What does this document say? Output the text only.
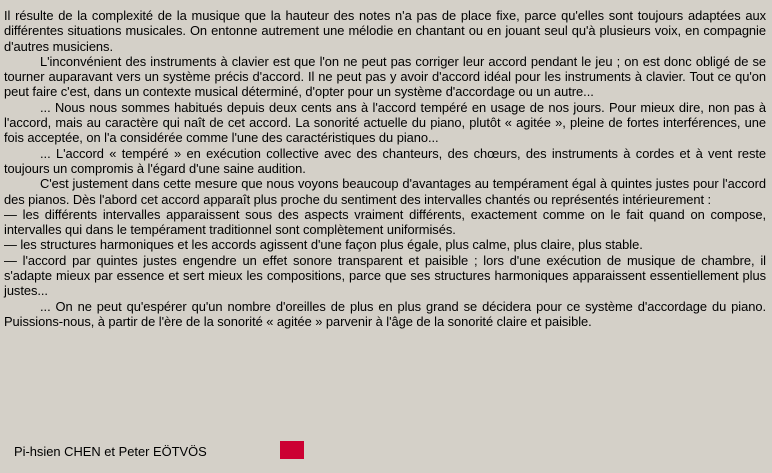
Il résulte de la complexité de la musique que la hauteur des notes n'a pas de place fixe, parce qu'elles sont toujours adaptées aux différentes situations musicales. On entonne autrement une mélodie en chantant ou en jouant seul qu'à plusieurs voix, en compagnie d'autres musiciens.

L'inconvénient des instruments à clavier est que l'on ne peut pas corriger leur accord pendant le jeu ; on est donc obligé de se tourner auparavant vers un système précis d'accord. Il ne peut pas y avoir d'accord idéal pour les instruments à clavier. Tout ce qu'on peut faire c'est, dans un contexte musical déterminé, d'opter pour un système d'accordage ou un autre...

... Nous nous sommes habitués depuis deux cents ans à l'accord tempéré en usage de nos jours. Pour mieux dire, non pas à l'accord, mais au caractère qui naît de cet accord. La sonorité actuelle du piano, plutôt « agitée », pleine de fortes interférences, une fois acceptée, on l'a considérée comme l'une des caractéristiques du piano...

... L'accord « tempéré » en exécution collective avec des chanteurs, des chœurs, des instruments à cordes et à vent reste toujours un compromis à l'égard d'une saine audition.

C'est justement dans cette mesure que nous voyons beaucoup d'avantages au tempérament égal à quintes justes pour l'accord des pianos. Dès l'abord cet accord apparaît plus proche du sentiment des intervalles chantés ou représentés intérieurement :

— les différents intervalles apparaissent sous des aspects vraiment différents, exactement comme on le fait quand on compose, intervalles qui dans le tempérament traditionnel sont complètement uniformisés.

— les structures harmoniques et les accords agissent d'une façon plus égale, plus calme, plus claire, plus stable.

— l'accord par quintes justes engendre un effet sonore transparent et paisible ; lors d'une exécution de musique de chambre, il s'adapte mieux par essence et sert mieux les compositions, parce que ses structures harmoniques apparaissent essentiellement plus justes...

... On ne peut qu'espérer qu'un nombre d'oreilles de plus en plus grand se décidera pour ce système d'accordage du piano. Puissions-nous, à partir de l'ère de la sonorité « agitée » parvenir à l'âge de la sonorité claire et paisible.

Pi-hsien CHEN et Peter EÖTVÖS
